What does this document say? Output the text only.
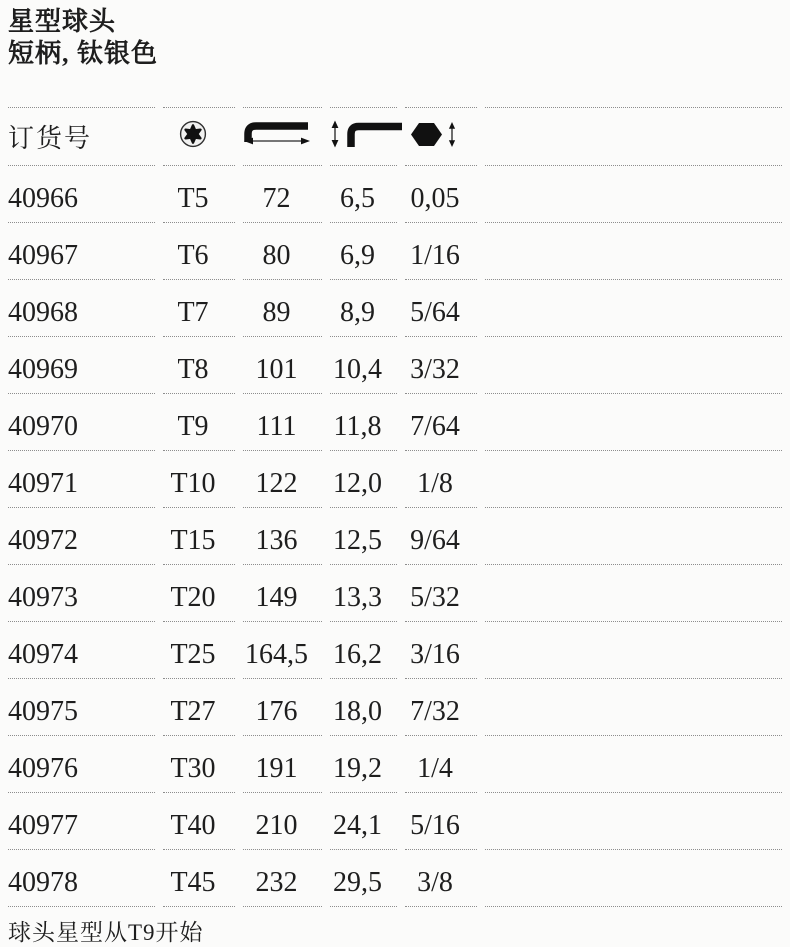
星型球头
短柄, 钛银色
订货号					
40966	T5	72	6,5	0,05	
40967	T6	80	6,9	1/16	
40968	T7	89	8,9	5/64	
40969	T8	101	10,4	3/32	
40970	T9	111	11,8	7/64	
40971	T10	122	12,0	1/8	
40972	T15	136	12,5	9/64	
40973	T20	149	13,3	5/32	
40974	T25	164,5	16,2	3/16	
40975	T27	176	18,0	7/32	
40976	T30	191	19,2	1/4	
40977	T40	210	24,1	5/16	
40978	T45	232	29,5	3/8	
球头星型从T9开始
